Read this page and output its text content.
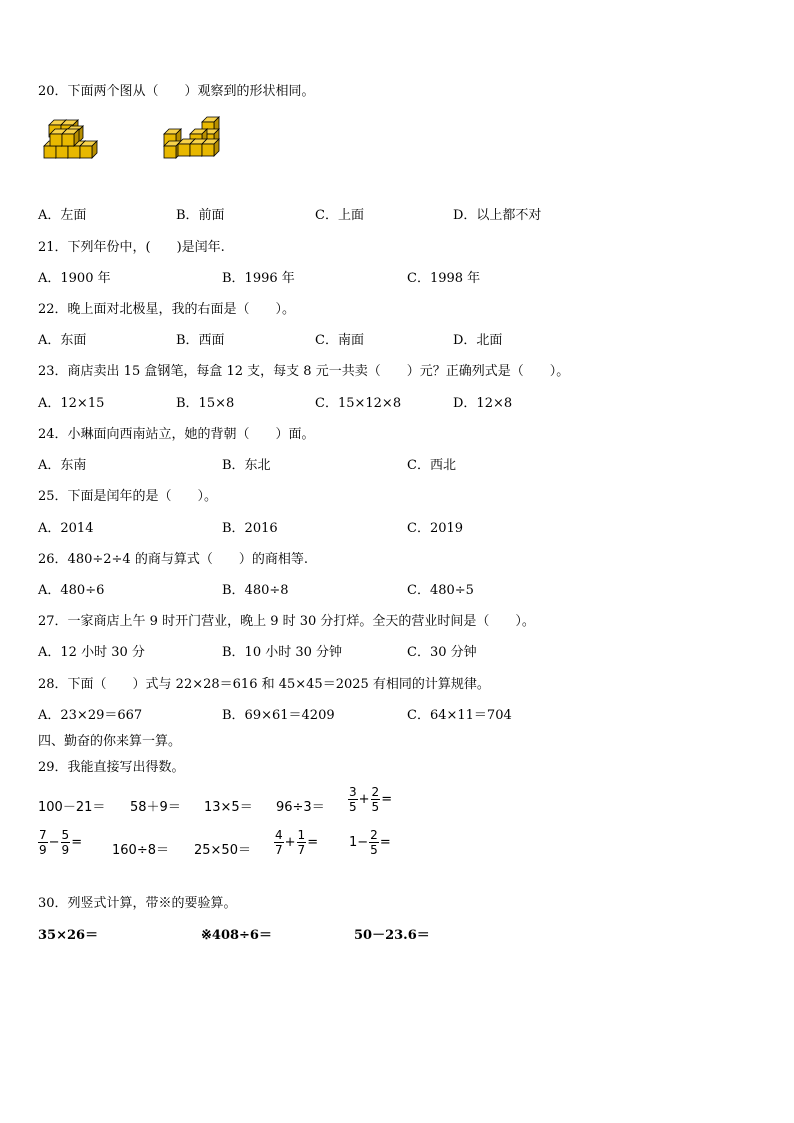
20．下面两个图从（　　）观察到的形状相同。
A．左面	B．前面	C．上面	D．以上都不对
21．下列年份中，(　　)是闰年.
A．1900 年	B．1996 年	C．1998 年
22．晚上面对北极星，我的右面是（　　）。
A．东面	B．西面	C．南面	D．北面
23．商店卖出 15 盒钢笔，每盒 12 支，每支 8 元一共卖（　　）元？正确列式是（　　）。
A．12×15	B．15×8	C．15×12×8	D．12×8
24．小琳面向西南站立，她的背朝（　　）面。
A．东南	B．东北	C．西北
25．下面是闰年的是（　　）。
A．2014	B．2016	C．2019
26．480÷2÷4 的商与算式（　　）的商相等.
A．480÷6	B．480÷8	C．480÷5
27．一家商店上午 9 时开门营业，晚上 9 时 30 分打烊。全天的营业时间是（　　）。
A．12 小时 30 分	B．10 小时 30 分钟	C．30 分钟
28．下面（　　）式与 22×28＝616 和 45×45＝2025 有相同的计算规律。
A．23×29＝667	B．69×61＝4209	C．64×11＝704
四、勤奋的你来算一算。
29．我能直接写出得数。
$100-21= 58+9= 13\times 5= 96\div 3= \frac{3}{5} + \frac{2}{5}$ =
$\frac{7}{9} - \frac{5}{9}$ =
$160\div 8= 25\times 50= \frac{4}{7} + \frac{1}{7} = 1- \frac{2}{5}$ =
30．列竖式计算，带※的要验算。
35×26＝	※408÷6＝	50－23.6＝
